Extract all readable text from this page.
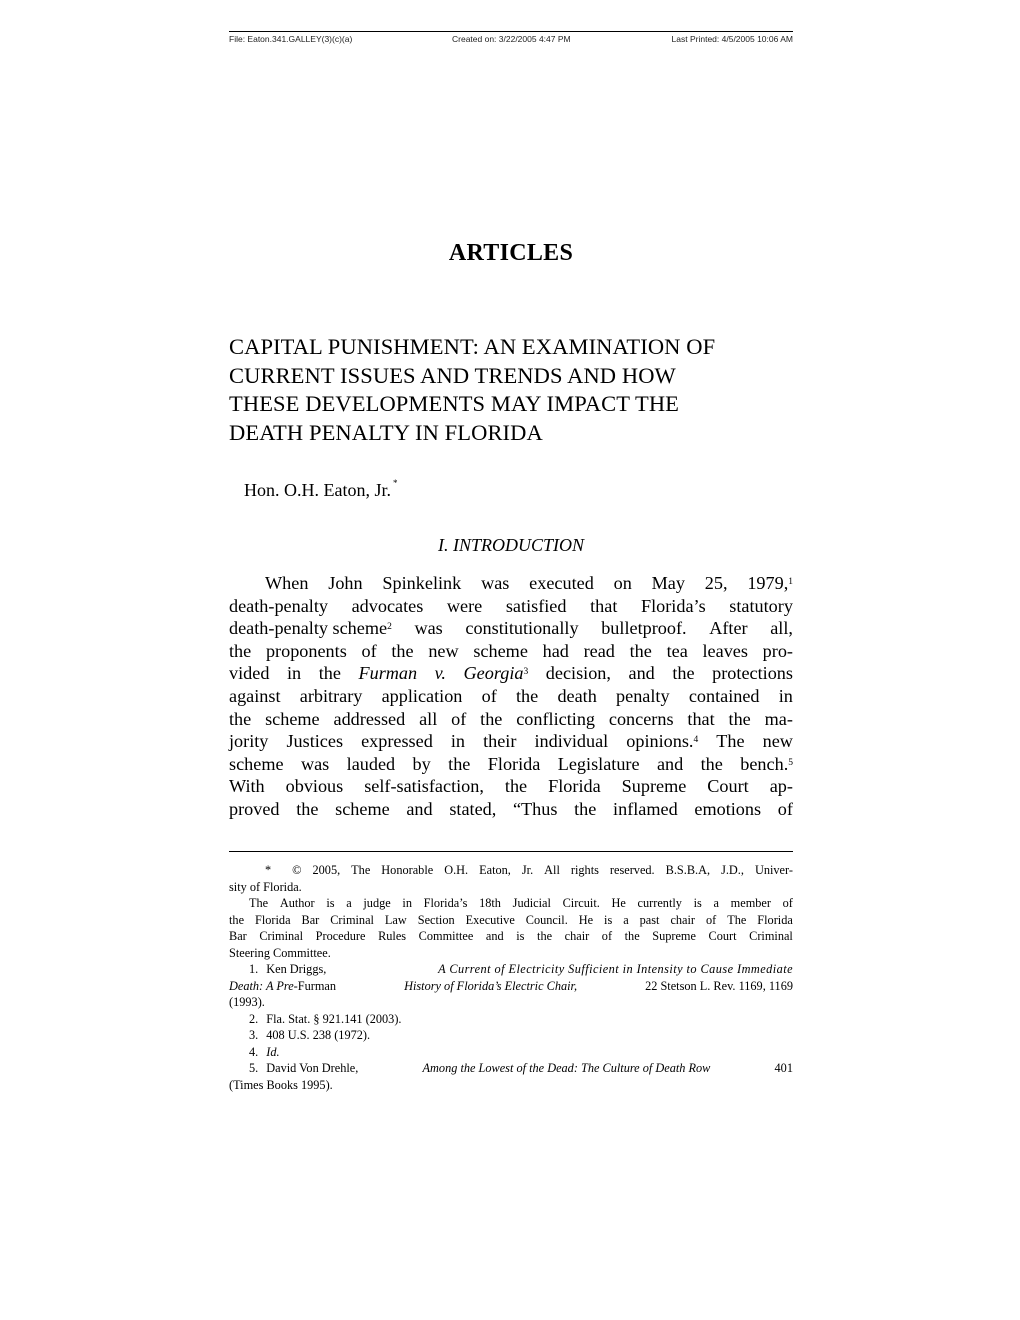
File: Eaton.341.GALLEY(3)(c)(a)	Created on: 3/22/2005 4:47 PM	Last Printed: 4/5/2005 10:06 AM
ARTICLES
CAPITAL PUNISHMENT: AN EXAMINATION OF
CURRENT ISSUES AND TRENDS AND HOW
THESE DEVELOPMENTS MAY IMPACT THE
DEATH PENALTY IN FLORIDA
Hon. O.H. Eaton, Jr. *
I. INTRODUCTION
When John Spinkelink was executed on May 25, 1979,$^1$
death-penalty advocates were satisfied that Florida’s statutory
death-penalty scheme$^2$ was constitutionally bulletproof. After all,
the proponents of the new scheme had read the tea leaves pro-
vided in the Furman v. Georgia$^3$ decision, and the protections
against arbitrary application of the death penalty contained in
the scheme addressed all of the conflicting concerns that the ma-
jority Justices expressed in their individual opinions.$^4$ The new
scheme was lauded by the Florida Legislature and the bench.$^5$
With obvious self-satisfaction, the Florida Supreme Court ap-
proved the scheme and stated, “Thus the inflamed emotions of
* © 2005, The Honorable O.H. Eaton, Jr. All rights reserved. B.S.B.A, J.D., Univer-
sity of Florida.
The Author is a judge in Florida’s 18th Judicial Circuit. He currently is a member of
the Florida Bar Criminal Law Section Executive Council. He is a past chair of The Florida
Bar Criminal Procedure Rules Committee and is the chair of the Supreme Court Criminal
Steering Committee.
1. Ken Driggs,	A Current of Electricity Sufficient in Intensity to Cause Immediate
Death: A Pre-Furman	History of Florida’s Electric Chair,	22 Stetson L. Rev. 1169, 1169
(1993).
2. Fla. Stat. § 921.141 (2003).
3. 408 U.S. 238 (1972).
4. Id.
5. David Von Drehle,	Among the Lowest of the Dead: The Culture of Death Row	401
(Times Books 1995).
